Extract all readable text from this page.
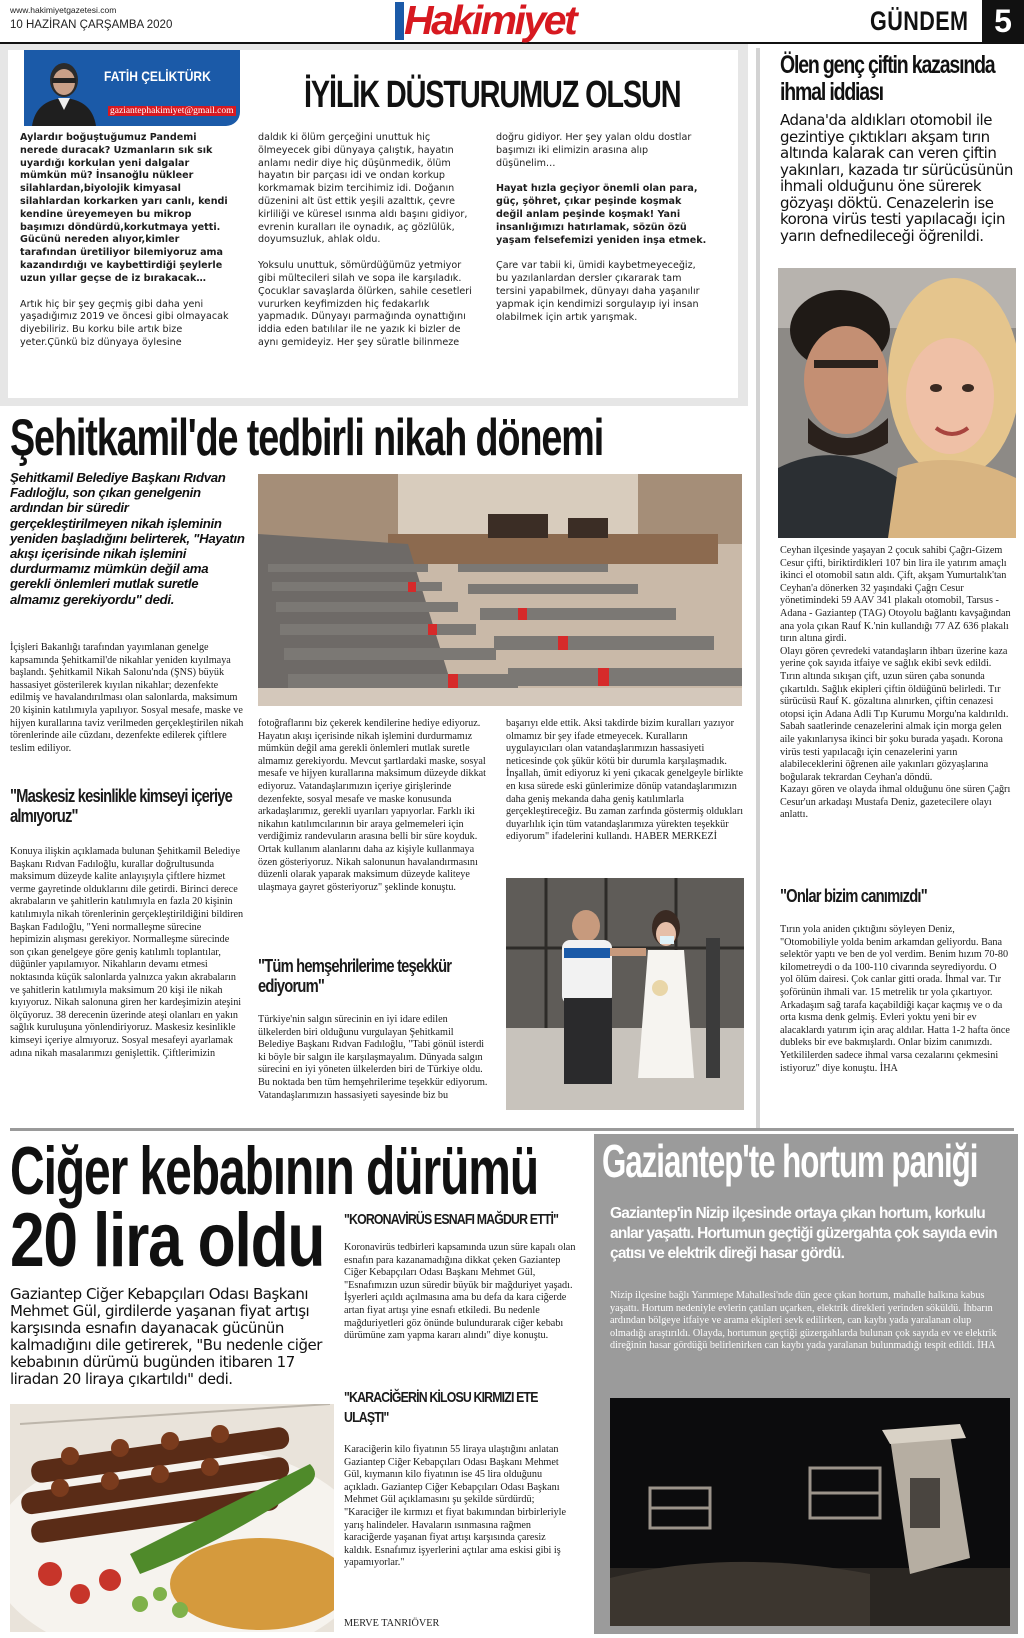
www.hakimiyetgazetesi.com
10 HAZİRAN ÇARŞAMBA 2020	Hakimiyet	GÜNDEM 5
FATİH ÇELİKTÜRK
gaziantephakimiyet@gmail.com İYİLİK DÜSTURUMUZ OLSUN
Aylardır boğuştuğumuz Pandemi nerede duracak? Uzmanların sık sık uyardığı korkulan yeni dalgalar mümkün mü? İnsanoğlu nükleer silahlardan,biyolojik kimyasal silahlardan korkarken yarı canlı, kendi kendine üreyemeyen bu mikrop başımızı döndürdü,korkutmaya yetti. Gücünü nereden alıyor,kimler tarafından üretiliyor bilemiyoruz ama kazandırdığı ve kaybettirdiği şeylerle uzun yıllar geçse de iz bırakacak…
Artık hiç bir şey geçmiş gibi daha yeni yaşadığımız 2019 ve öncesi gibi olmayacak diyebiliriz. Bu korku bile artık bize yeter.Çünkü biz dünyaya öylesine
daldık ki ölüm gerçeğini unuttuk hiç ölmeyecek gibi dünyaya çalıştık, hayatın anlamı nedir diye hiç düşünmedik, ölüm hayatın bir parçası idi ve ondan korkup korkmamak bizim tercihimiz idi. Doğanın düzenini alt üst ettik yeşili azalttık, çevre kirliliği ve küresel ısınma aldı başını gidiyor, evrenin kuralları ile oynadık, aç gözlülük, doyumsuzluk, ahlak oldu.
Yoksulu unuttuk, sömürdüğümüz yetmiyor gibi mültecileri silah ve sopa ile karşıladık. Çocuklar savaşlarda ölürken, sahile cesetleri vururken keyfimizden hiç fedakarlık yapmadık. Dünyayı parmağında oynattığını iddia eden batılılar ile ne yazık ki bizler de aynı gemideyiz. Her şey süratle bilinmeze
doğru gidiyor. Her şey yalan oldu dostlar başımızı iki elimizin arasına alıp düşünelim…
Hayat hızla geçiyor önemli olan para, güç, şöhret, çıkar peşinde koşmak değil anlam peşinde koşmak! Yani insanlığımızı hatırlamak, sözün özü yaşam felsefemizi yeniden inşa etmek.
Çare var tabii ki, ümidi kaybetmeyeceğiz, bu yazılanlardan dersler çıkararak tam tersini yapabilmek, dünyayı daha yaşanılır yapmak için kendimizi sorgulayıp iyi insan olabilmek için artık yarışmak.
Ölen genç çiftin kazasında ihmal iddiası
Adana'da aldıkları otomobil ile gezintiye çıktıkları akşam tırın altında kalarak can veren çiftin yakınları, kazada tır sürücüsünün ihmali olduğunu öne sürerek gözyaşı döktü. Cenazelerin ise korona virüs testi yapılacağı için yarın defnedileceği öğrenildi.
Ceyhan ilçesinde yaşayan 2 çocuk sahibi Çağrı-Gizem Cesur çifti, biriktirdikleri 107 bin lira ile yatırım amaçlı ikinci el otomobil satın aldı. Çift, akşam Yumurtalık'tan Ceyhan'a dönerken 32 yaşındaki Çağrı Cesur yönetimindeki 59 AAV 341 plakalı otomobil, Tarsus - Adana - Gaziantep (TAG) Otoyolu bağlantı kavşağından ana yola çıkan Rauf K.'nin kullandığı 77 AZ 636 plakalı tırın altına girdi.
Olayı gören çevredeki vatandaşların ihbarı üzerine kaza yerine çok sayıda itfaiye ve sağlık ekibi sevk edildi. Tırın altında sıkışan çift, uzun süren çaba sonunda çıkartıldı. Sağlık ekipleri çiftin öldüğünü belirledi. Tır sürücüsü Rauf K. gözaltına alınırken, çiftin cenazesi otopsi için Adana Adli Tıp Kurumu Morgu'na kaldırıldı. Sabah saatlerinde cenazelerini almak için morga gelen aile yakınlarıysa ikinci bir şoku burada yaşadı. Korona virüs testi yapılacağı için cenazelerini yarın alabileceklerini öğrenen aile yakınları gözyaşlarına boğularak tekrardan Ceyhan'a döndü.
Kazayı gören ve olayda ihmal olduğunu öne süren Çağrı Cesur'un arkadaşı Mustafa Deniz, gazetecilere olayı anlattı.
"Onlar bizim canımızdı"
Tırın yola aniden çıktığını söyleyen Deniz, "Otomobiliyle yolda benim arkamdan geliyordu. Bana selektör yaptı ve ben de yol verdim. Benim hızım 70-80 kilometreydi o da 100-110 civarında seyrediyordu. O yol ölüm dairesi. Çok canlar gitti orada. İhmal var. Tır şoförünün ihmali var. 15 metrelik tır yola çıkartıyor. Arkadaşım sağ tarafa kaçabildiği kaçar kaçmış ve o da orta kısma denk gelmiş. Evleri yoktu yeni bir ev alacaklardı yatırım için araç aldılar. Hatta 1-2 hafta önce dubleks bir eve bakmışlardı. Onlar bizim canımızdı. Yetkililerden sadece ihmal varsa cezalarını çekmesini istiyoruz" diye konuştu. İHA
Şehitkamil'de tedbirli nikah dönemi
Şehitkamil Belediye Başkanı Rıdvan Fadıloğlu, son çıkan genelgenin ardından bir süredir gerçekleştirilmeyen nikah işleminin yeniden başladığını belirterek, "Hayatın akışı içerisinde nikah işlemini durdurmamız mümkün değil ama gerekli önlemleri mutlak suretle almamız gerekiyordu" dedi.
İçişleri Bakanlığı tarafından yayımlanan genelge kapsamında Şehitkamil'de nikahlar yeniden kıyılmaya başlandı. Şehitkamil Nikah Salonu'nda (ŞNS) büyük hassasiyet gösterilerek kıyılan nikahlar; dezenfekte edilmiş ve havalandırılması olan salonlarda, maksimum 20 kişinin katılımıyla yapılıyor. Sosyal mesafe, maske ve hijyen kurallarına taviz verilmeden gerçekleştirilen nikah törenlerinde aile cüzdanı, dezenfekte edilerek çiftlere teslim ediliyor.
"Maskesiz kesinlikle kimseyi içeriye almıyoruz"
Konuya ilişkin açıklamada bulunan Şehitkamil Belediye Başkanı Rıdvan Fadıloğlu, kurallar doğrultusunda maksimum düzeyde kalite anlayışıyla çiftlere hizmet verme gayretinde olduklarını dile getirdi. Birinci derece akrabaların ve şahitlerin katılımıyla en fazla 20 kişinin katılımıyla nikah törenlerinin gerçekleştirildiğini bildiren Başkan Fadıloğlu, "Yeni normalleşme sürecine hepimizin alışması gerekiyor. Normalleşme sürecinde son çıkan genelgeye göre geniş katılımlı toplantılar, düğünler yapılamıyor. Nikahların devamı etmesi noktasında küçük salonlarda yalnızca yakın akrabaların ve şahitlerin katılımıyla maksimum 20 kişi ile nikah kıyıyoruz. Nikah salonuna giren her kardeşimizin ateşini ölçüyoruz. 38 derecenin üzerinde ateşi olanları en yakın sağlık kuruluşuna yönlendiriyoruz. Maskesiz kesinlikle kimseyi içeriye almıyoruz. Sosyal mesafeyi ayarlamak adına nikah masalarımızı genişlettik. Çiftlerimizin
fotoğraflarını biz çekerek kendilerine hediye ediyoruz. Hayatın akışı içerisinde nikah işlemini durdurmamız mümkün değil ama gerekli önlemleri mutlak suretle almamız gerekiyordu. Mevcut şartlardaki maske, sosyal mesafe ve hijyen kurallarına maksimum düzeyde dikkat ediyoruz. Vatandaşlarımızın içeriye girişlerinde dezenfekte, sosyal mesafe ve maske konusunda arkadaşlarımız, gerekli uyarıları yapıyorlar. Farklı iki nikahın katılımcılarının bir araya gelmemeleri için verdiğimiz randevuların arasına belli bir süre koyduk. Ortak kullanım alanlarını daha az kişiyle kullanmaya özen gösteriyoruz. Nikah salonunun havalandırmasını düzenli olarak yaparak maksimum düzeyde kaliteye ulaşmaya gayret gösteriyoruz" şeklinde konuştu.
"Tüm hemşehrilerime teşekkür ediyorum"
Türkiye'nin salgın sürecinin en iyi idare edilen ülkelerden biri olduğunu vurgulayan Şehitkamil Belediye Başkanı Rıdvan Fadıloğlu, "Tabi gönül isterdi ki böyle bir salgın ile karşılaşmayalım. Dünyada salgın sürecini en iyi yöneten ülkelerden biri de Türkiye oldu. Bu noktada ben tüm hemşehrilerime teşekkür ediyorum. Vatandaşlarımızın hassasiyeti sayesinde biz bu
başarıyı elde ettik. Aksi takdirde bizim kuralları yazıyor olmamız bir şey ifade etmeyecek. Kuralların uygulayıcıları olan vatandaşlarımızın hassasiyeti neticesinde çok şükür kötü bir durumla karşılaşmadık. İnşallah, ümit ediyoruz ki yeni çıkacak genelgeyle birlikte en kısa sürede eski günlerimize dönüp vatandaşlarımızın daha geniş mekanda daha geniş katılımlarla gerçekleştireceğiz. Bu zaman zarfında göstermiş oldukları duyarlılık için tüm vatandaşlarımıza yürekten teşekkür ediyorum" ifadelerini kullandı. HABER MERKEZİ
Ciğer kebabının dürümü
20 lira oldu
Gaziantep Ciğer Kebapçıları Odası Başkanı Mehmet Gül, girdilerde yaşanan fiyat artışı karşısında esnafın dayanacak gücünün kalmadığını dile getirerek, "Bu nedenle ciğer kebabının dürümü bugünden itibaren 17 liradan 20 liraya çıkartıldı" dedi.
"KORONAVİRÜS ESNAFI MAĞDUR ETTİ"
Koronavirüs tedbirleri kapsamında uzun süre kapalı olan esnafın para kazanamadığına dikkat çeken Gaziantep Ciğer Kebapçıları Odası Başkanı Mehmet Gül, "Esnafımızın uzun süredir büyük bir mağduriyet yaşadı. İşyerleri açıldı açılmasına ama bu defa da kara ciğerde artan fiyat artışı yine esnafı etkiledi. Bu nedenle mağduriyetleri göz önünde bulundurarak ciğer kebabı dürümüne zam yapma kararı alındı" diye konuştu.
"KARACİĞERİN KİLOSU KIRMIZI ETE ULAŞTI"
Karaciğerin kilo fiyatının 55 liraya ulaştığını anlatan Gaziantep Ciğer Kebapçıları Odası Başkanı Mehmet Gül, kıymanın kilo fiyatının ise 45 lira olduğunu açıkladı. Gaziantep Ciğer Kebapçıları Odası Başkanı Mehmet Gül açıklamasını şu şekilde sürdürdü; "Karaciğer ile kırmızı et fiyat bakımından birbirleriyle yarış halindeler. Havaların ısınmasına rağmen karaciğerde yaşanan fiyat artışı karşısında çaresiz kaldık. Esnafımız işyerlerini açtılar ama eskisi gibi iş yapamıyorlar."
MERVE TANRIÖVER
Gaziantep'te hortum paniği
Gaziantep'in Nizip ilçesinde ortaya çıkan hortum, korkulu anlar yaşattı. Hortumun geçtiği güzergahta çok sayıda evin çatısı ve elektrik direği hasar gördü.
Nizip ilçesine bağlı Yarımtepe Mahallesi'nde dün gece çıkan hortum, mahalle halkına kabus yaşattı. Hortum nedeniyle evlerin çatıları uçarken, elektrik direkleri yerinden söküldü. İhbarın ardından bölgeye itfaiye ve arama ekipleri sevk edilirken, can kaybı yada yaralanan olup olmadığı araştırıldı. Olayda, hortumun geçtiği güzergahlarda bulunan çok sayıda ev ve elektrik direğinin hasar gördüğü belirlenirken can kaybı yada yaralanan bulunmadığı tespit edildi. İHA
